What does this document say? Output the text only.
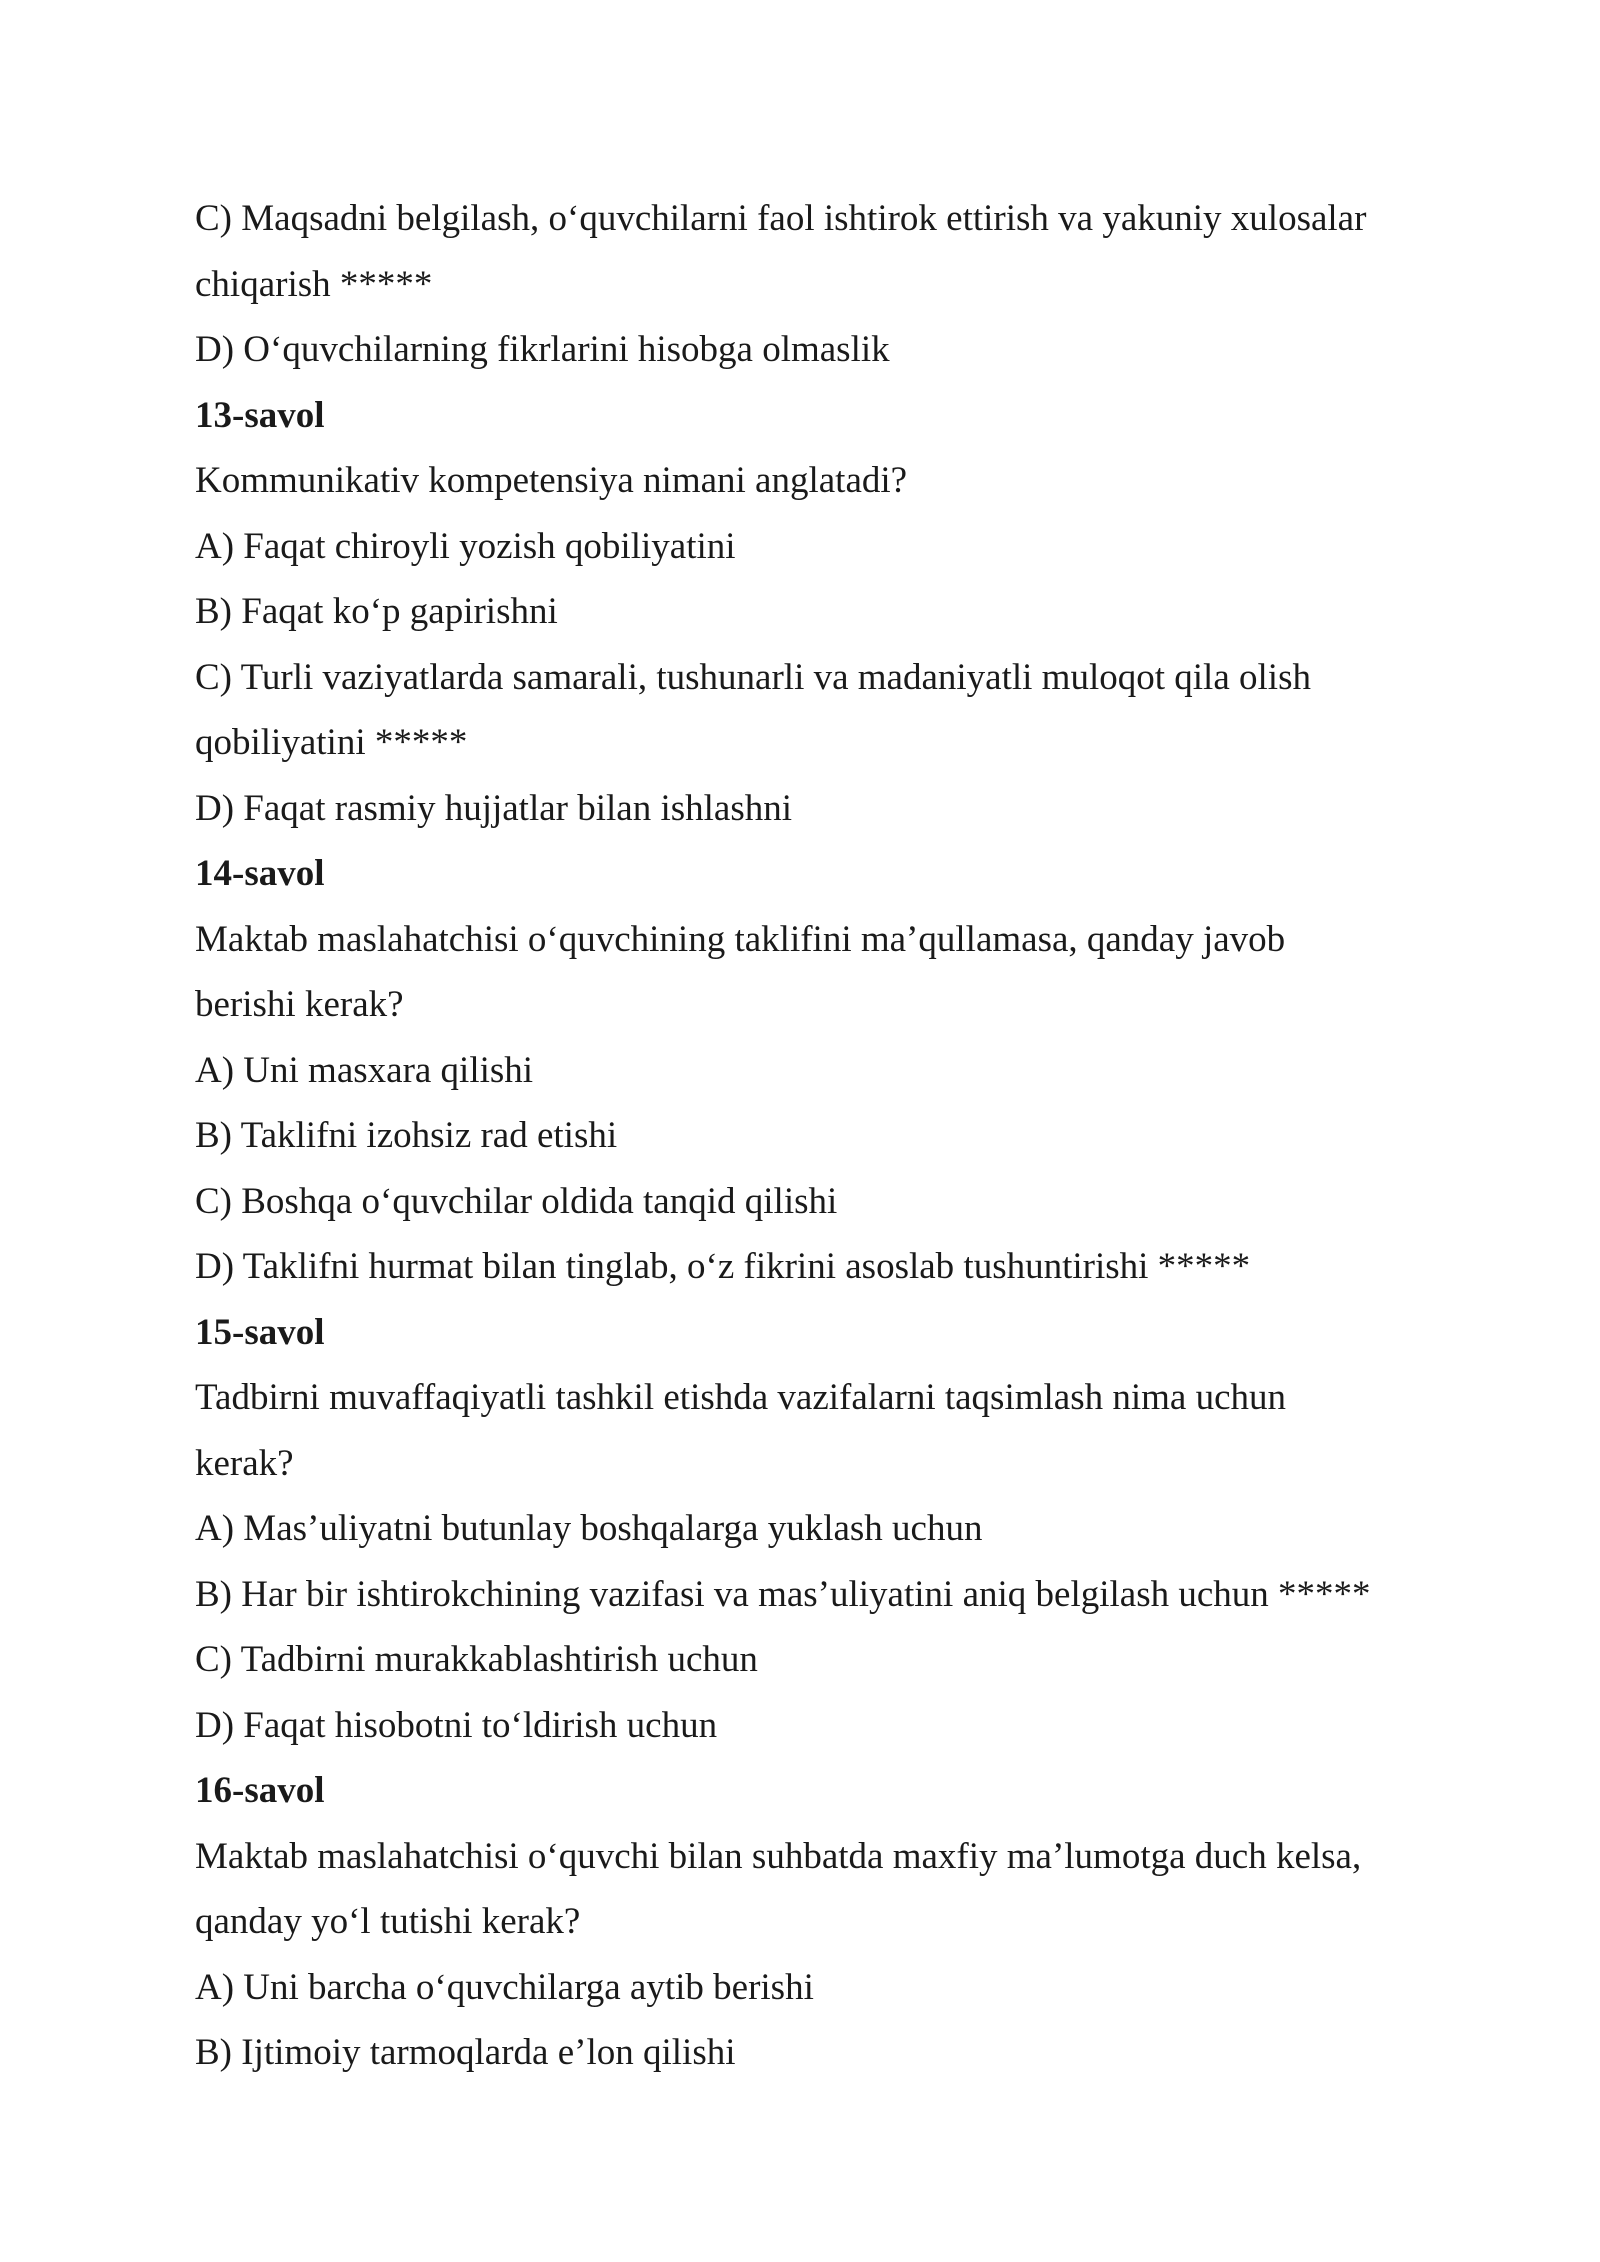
C) Maqsadni belgilash, o‘quvchilarni faol ishtirok ettirish va yakuniy xulosalar
chiqarish *****
D) O‘quvchilarning fikrlarini hisobga olmaslik
13-savol
Kommunikativ kompetensiya nimani anglatadi?
A) Faqat chiroyli yozish qobiliyatini
B) Faqat ko‘p gapirishni
C) Turli vaziyatlarda samarali, tushunarli va madaniyatli muloqot qila olish
qobiliyatini *****
D) Faqat rasmiy hujjatlar bilan ishlashni
14-savol
Maktab maslahatchisi o‘quvchining taklifini ma’qullamasa, qanday javob
berishi kerak?
A) Uni masxara qilishi
B) Taklifni izohsiz rad etishi
C) Boshqa o‘quvchilar oldida tanqid qilishi
D) Taklifni hurmat bilan tinglab, o‘z fikrini asoslab tushuntirishi *****
15-savol
Tadbirni muvaffaqiyatli tashkil etishda vazifalarni taqsimlash nima uchun
kerak?
A) Mas’uliyatni butunlay boshqalarga yuklash uchun
B) Har bir ishtirokchining vazifasi va mas’uliyatini aniq belgilash uchun *****
C) Tadbirni murakkablashtirish uchun
D) Faqat hisobotni to‘ldirish uchun
16-savol
Maktab maslahatchisi o‘quvchi bilan suhbatda maxfiy ma’lumotga duch kelsa,
qanday yo‘l tutishi kerak?
A) Uni barcha o‘quvchilarga aytib berishi
B) Ijtimoiy tarmoqlarda e’lon qilishi
